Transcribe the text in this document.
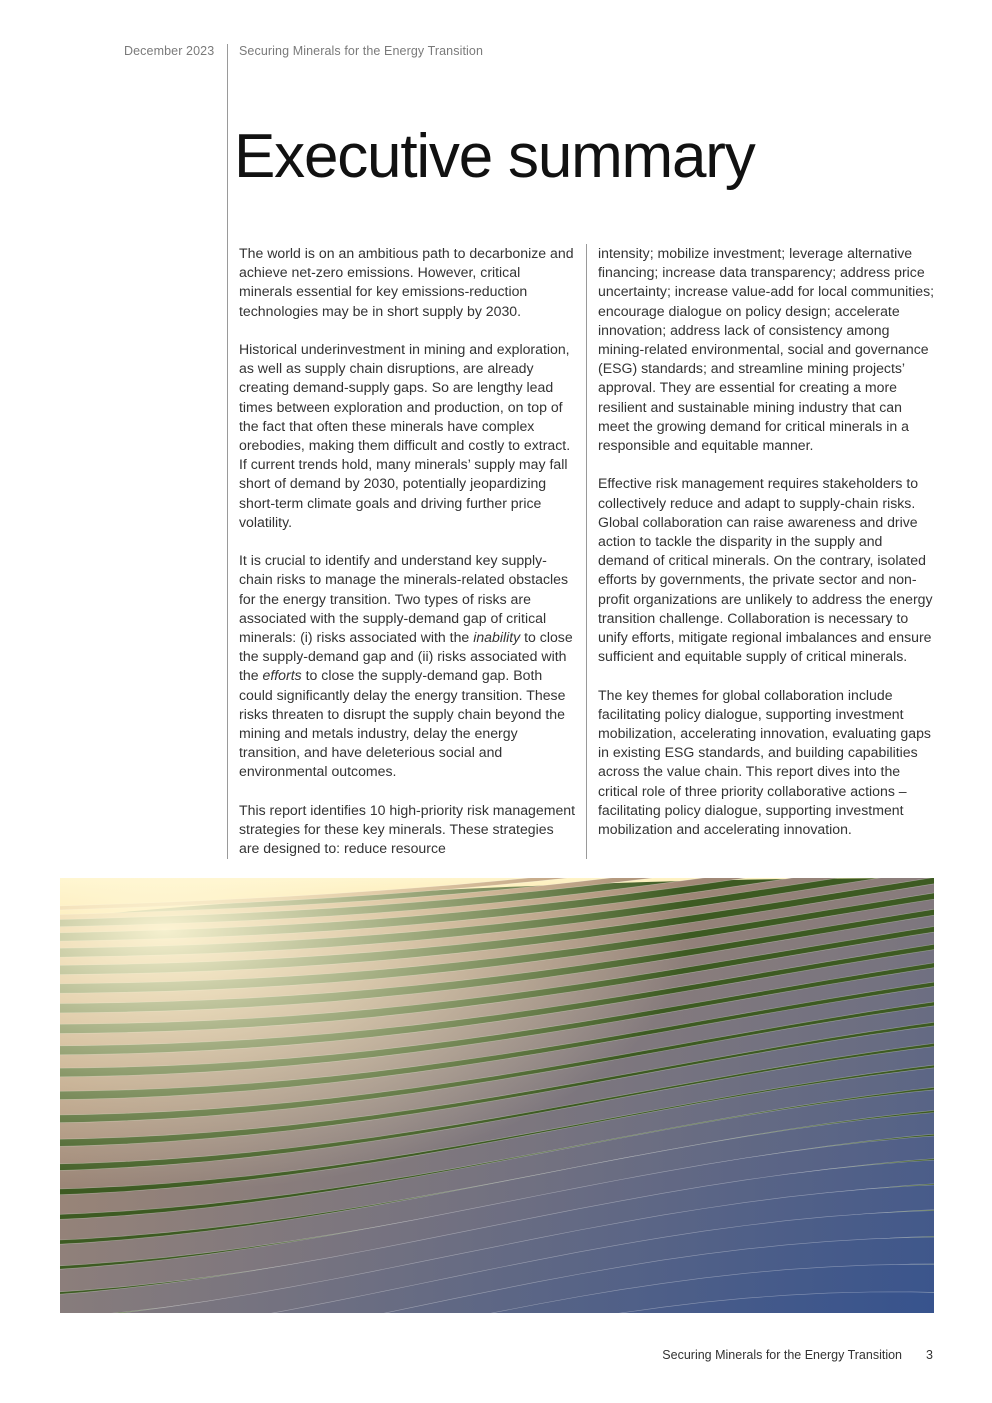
December 2023 Securing Minerals for the Energy Transition
Executive summary

The world is on an ambitious path to decarbonize and achieve net-zero emissions. However, critical minerals essential for key emissions-reduction technologies may be in short supply by 2030.

Historical underinvestment in mining and exploration, as well as supply chain disruptions, are already creating demand-supply gaps. So are lengthy lead times between exploration and production, on top of the fact that often these minerals have complex orebodies, making them difficult and costly to extract. If current trends hold, many minerals’ supply may fall short of demand by 2030, potentially jeopardizing short-term climate goals and driving further price volatility.

It is crucial to identify and understand key supply-chain risks to manage the minerals-related obstacles for the energy transition. Two types of risks are associated with the supply-demand gap of critical minerals: (i) risks associated with the inability to close the supply-demand gap and (ii) risks associated with the efforts to close the supply-demand gap. Both could significantly delay the energy transition. These risks threaten to disrupt the supply chain beyond the mining and metals industry, delay the energy transition, and have deleterious social and environmental outcomes.

This report identifies 10 high-priority risk management strategies for these key minerals. These strategies are designed to: reduce resource

intensity; mobilize investment; leverage alternative financing; increase data transparency; address price uncertainty; increase value-add for local communities; encourage dialogue on policy design; accelerate innovation; address lack of consistency among mining-related environmental, social and governance (ESG) standards; and streamline mining projects’ approval. They are essential for creating a more resilient and sustainable mining industry that can meet the growing demand for critical minerals in a responsible and equitable manner.

Effective risk management requires stakeholders to collectively reduce and adapt to supply-chain risks. Global collaboration can raise awareness and drive action to tackle the disparity in the supply and demand of critical minerals. On the contrary, isolated efforts by governments, the private sector and non-profit organizations are unlikely to address the energy transition challenge. Collaboration is necessary to unify efforts, mitigate regional imbalances and ensure sufficient and equitable supply of critical minerals.

The key themes for global collaboration include facilitating policy dialogue, supporting investment mobilization, accelerating innovation, evaluating gaps in existing ESG standards, and building capabilities across the value chain. This report dives into the critical role of three priority collaborative actions – facilitating policy dialogue, supporting investment mobilization and accelerating innovation.

Securing Minerals for the Energy Transition 3
